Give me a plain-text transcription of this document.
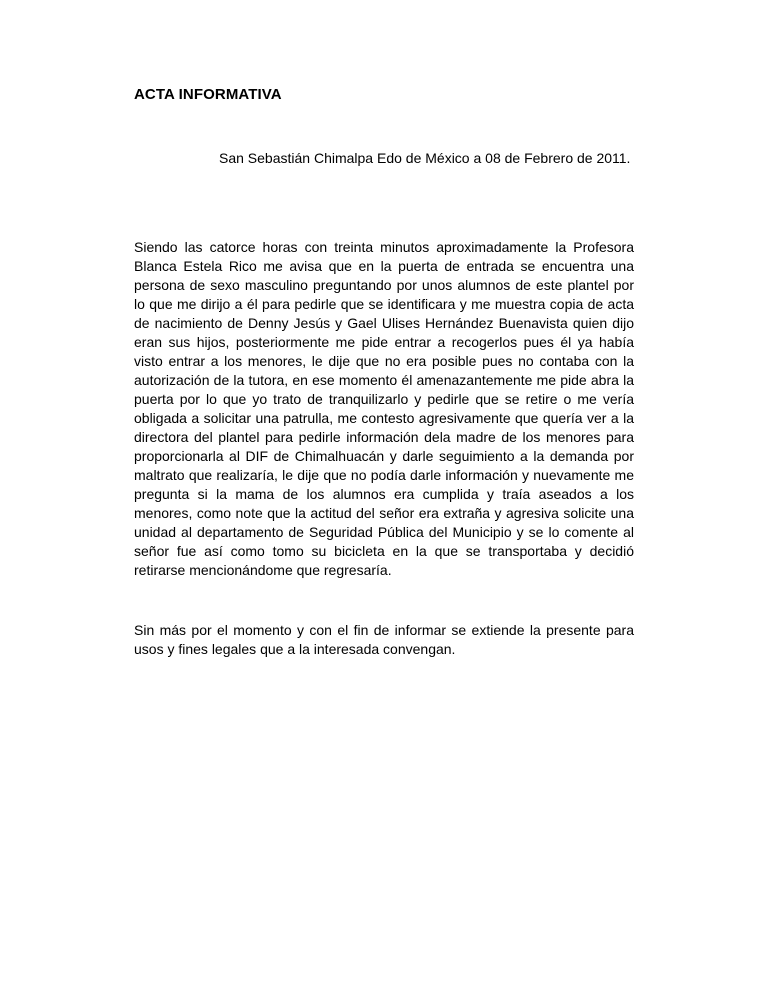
ACTA INFORMATIVA

San Sebastián Chimalpa Edo de México a 08 de Febrero de 2011.

Siendo las catorce horas con treinta minutos aproximadamente la Profesora Blanca Estela Rico me avisa que en la puerta de entrada se encuentra una persona de sexo masculino preguntando por unos alumnos de este plantel por lo que me dirijo a él para pedirle que se identificara y me muestra copia de acta de nacimiento de Denny Jesús y Gael Ulises Hernández Buenavista quien dijo eran sus hijos, posteriormente me pide entrar a recogerlos pues él ya había visto entrar a los menores, le dije que no era posible pues no contaba con la autorización de la tutora, en ese momento él amenazantemente me pide abra la puerta por lo que yo trato de tranquilizarlo y pedirle que se retire o me vería obligada a solicitar una patrulla, me contesto agresivamente que quería ver a la directora del plantel para pedirle información dela madre de los menores para proporcionarla al DIF de Chimalhuacán y darle seguimiento a la demanda por maltrato que realizaría, le dije que no podía darle información y nuevamente me pregunta si la mama de los alumnos era cumplida y traía aseados a los menores, como note que la actitud del señor era extraña y agresiva solicite una unidad al departamento de Seguridad Pública del Municipio y se lo comente al señor fue así como tomo su bicicleta en la que se transportaba y decidió retirarse mencionándome que regresaría.

Sin más por el momento y con el fin de informar se extiende la presente para usos y fines legales que a la interesada convengan.
